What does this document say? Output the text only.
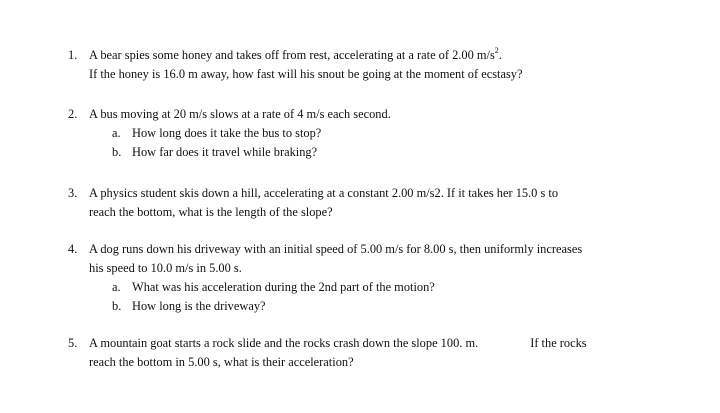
1. A bear spies some honey and takes off from rest, accelerating at a rate of 2.00 $m/s^2$.
If the honey is 16.0 m away, how fast will his snout be going at the moment of ecstasy?
2. A bus moving at 20 m/s slows at a rate of 4 m/s each second.
a. How long does it take the bus to stop?
b. How far does it travel while braking?
3. A physics student skis down a hill, accelerating at a constant 2.00 m/s2. If it takes her 15.0 s to
reach the bottom, what is the length of the slope?
4. A dog runs down his driveway with an initial speed of 5.00 m/s for 8.00 s, then uniformly increases
his speed to 10.0 m/s in 5.00 s.
a. What was his acceleration during the 2nd part of the motion?
b. How long is the driveway?
5. A mountain goat starts a rock slide and the rocks crash down the slope 100. m.	If the rocks
reach the bottom in 5.00 s, what is their acceleration?
